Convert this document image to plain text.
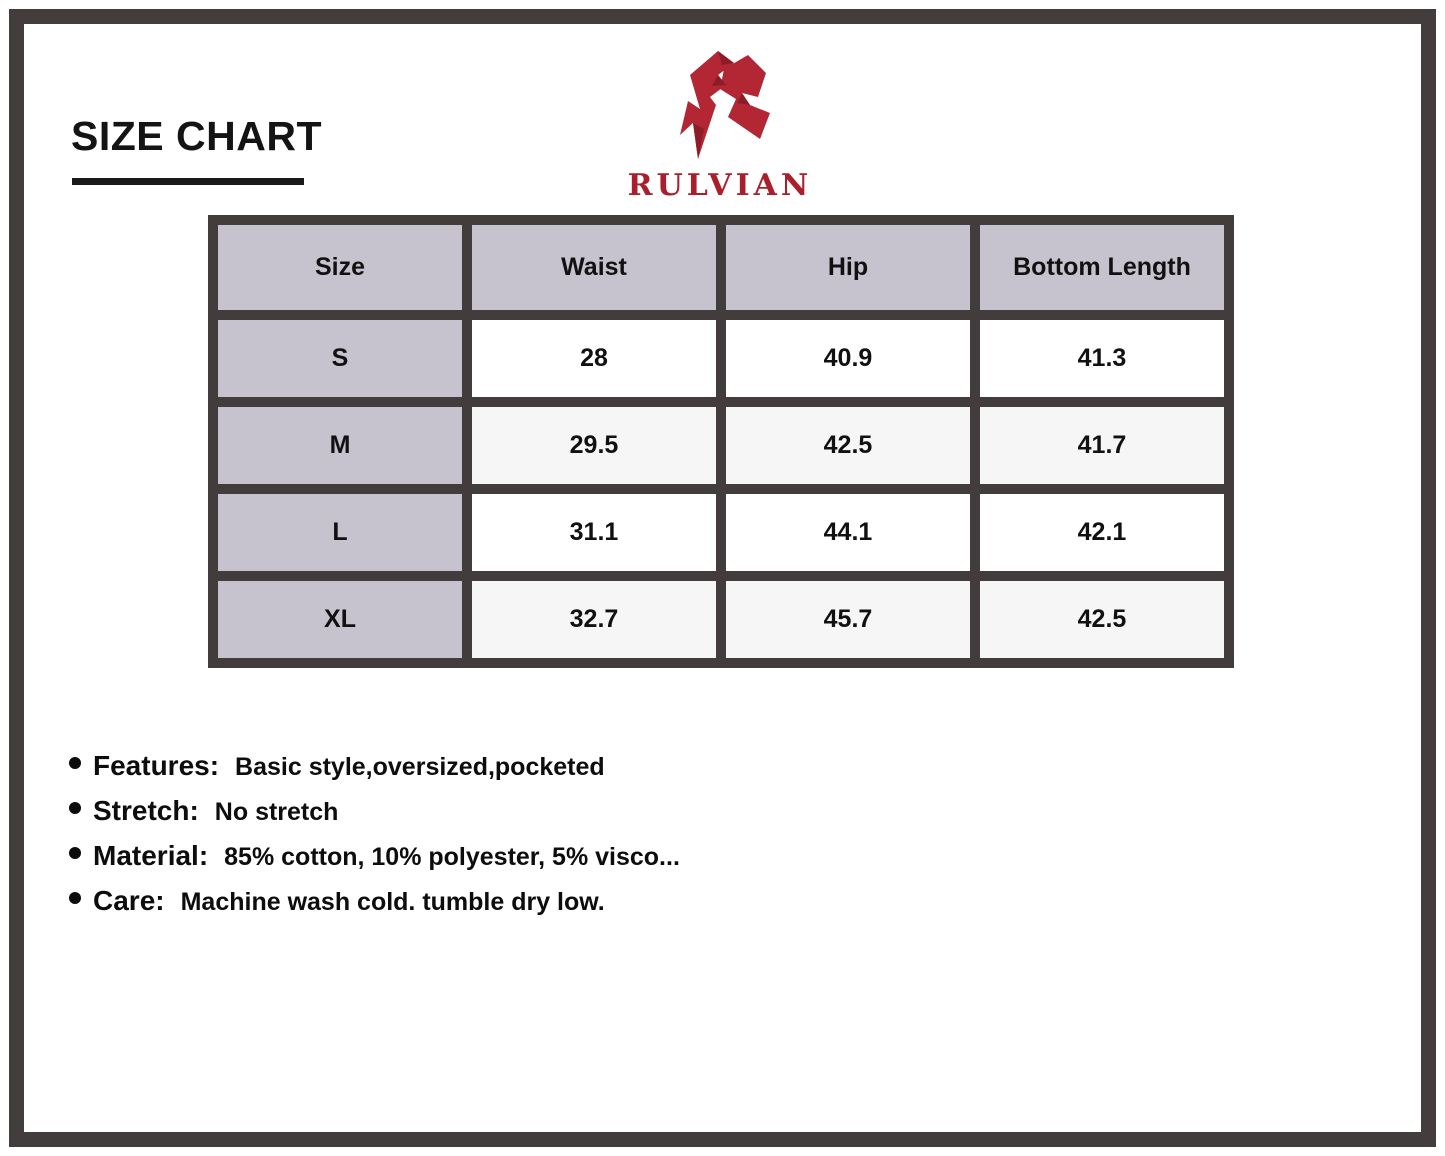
SIZE CHART
RULVIAN
Size	Waist	Hip	Bottom Length
S	28	40.9	41.3
M	29.5	42.5	41.7
L	31.1	44.1	42.1
XL	32.7	45.7	42.5
Features: Basic style,oversized,pocketed
Stretch: No stretch
Material: 85% cotton, 10% polyester, 5% visco...
Care: Machine wash cold. tumble dry low.
